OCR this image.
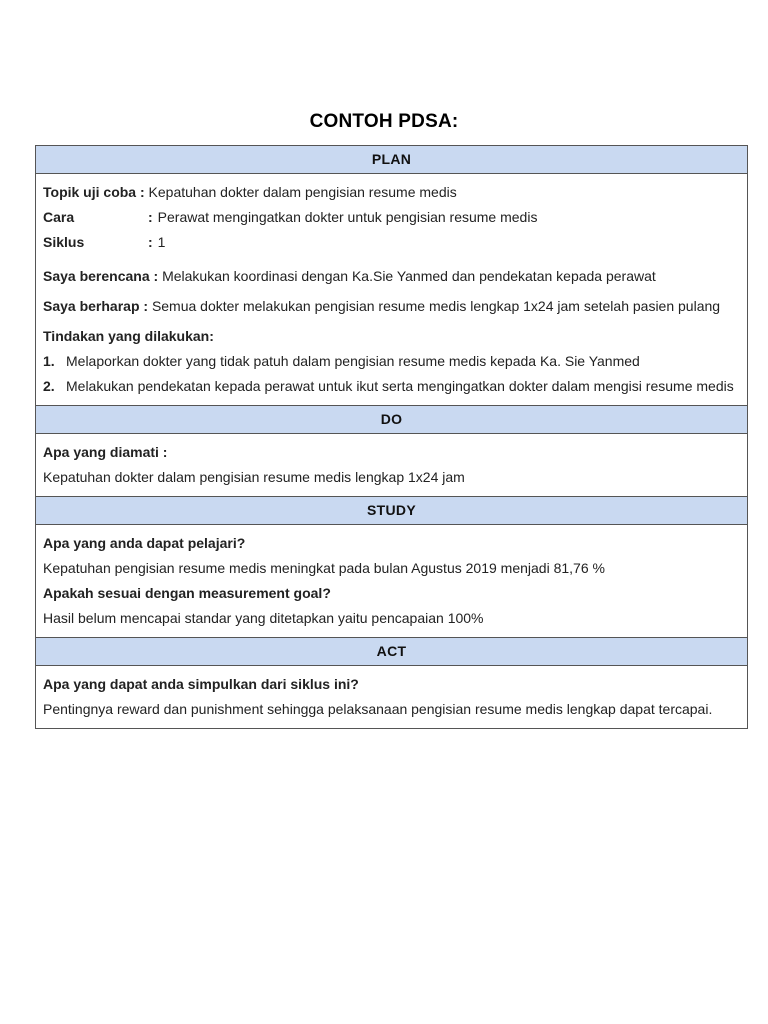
CONTOH PDSA:
PLAN
Topik uji coba : Kepatuhan dokter dalam pengisian resume medis
Cara	: Perawat mengingatkan dokter untuk pengisian resume medis
Siklus	: 1
Saya berencana : Melakukan koordinasi dengan Ka.Sie Yanmed dan pendekatan kepada perawat
Saya berharap : Semua dokter melakukan pengisian resume medis lengkap 1x24 jam setelah pasien pulang
Tindakan yang dilakukan:
1. Melaporkan dokter yang tidak patuh dalam pengisian resume medis kepada Ka. Sie Yanmed
2. Melakukan pendekatan kepada perawat untuk ikut serta mengingatkan dokter dalam mengisi resume medis
DO
Apa yang diamati :
Kepatuhan dokter dalam pengisian resume medis lengkap 1x24 jam
STUDY
Apa yang anda dapat pelajari?
Kepatuhan pengisian resume medis meningkat pada bulan Agustus 2019 menjadi 81,76 %
Apakah sesuai dengan measurement goal?
Hasil belum mencapai standar yang ditetapkan yaitu pencapaian 100%
ACT
Apa yang dapat anda simpulkan dari siklus ini?
Pentingnya reward dan punishment sehingga pelaksanaan pengisian resume medis lengkap dapat tercapai.
